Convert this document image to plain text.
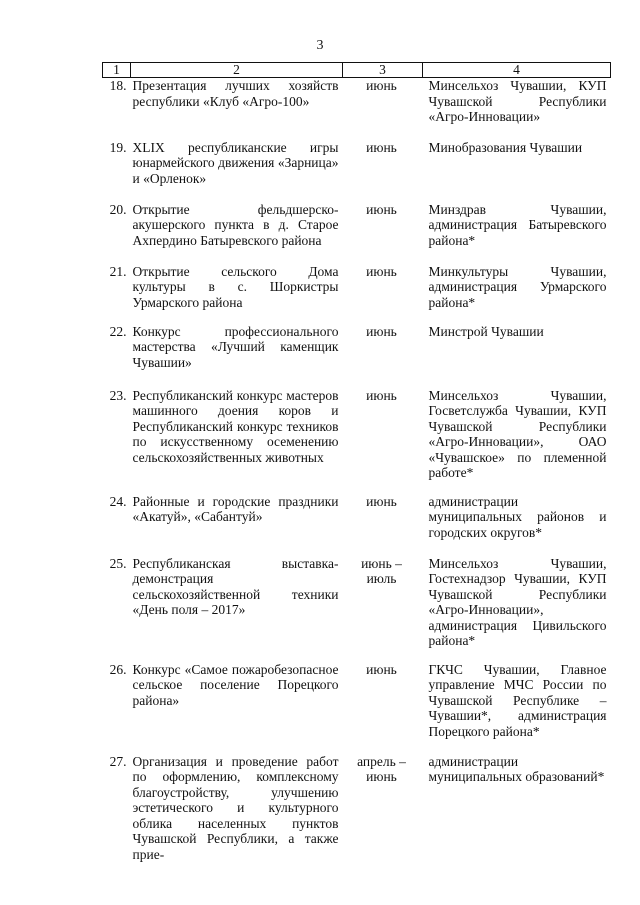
3
1	2	3	4
18.	Презентация лучших хозяйств республики «Клуб «Агро-100»	июнь	Минсельхоз Чувашии, КУП Чувашской Республики «Агро-Инновации»
19.	XLIX республиканские игры юнармейского движения «Зарница» и «Орленок»	июнь	Минобразования Чувашии
20.	Открытие фельдшерско-акушерского пункта в д. Старое Ахпердино Батыревского района	июнь	Минздрав Чувашии, администрация Батыревского района*
21.	Открытие сельского Дома культуры в с. Шоркистры Урмарского района	июнь	Минкультуры Чувашии, администрация Урмарского района*
22.	Конкурс профессионального мастерства «Лучший каменщик Чувашии»	июнь	Минстрой Чувашии
23.	Республиканский конкурс мастеров машинного доения коров и Республиканский конкурс техников по искусственному осеменению сельскохозяйственных животных	июнь	Минсельхоз Чувашии, Госветслужба Чувашии, КУП Чувашской Республики «Агро-Инновации», ОАО «Чувашское» по племенной работе*
24.	Районные и городские праздники «Акатуй», «Сабантуй»	июнь	администрации муниципальных районов и городских округов*
25.	Республиканская выставка-демонстрация сельскохозяйственной техники «День поля – 2017»	июнь – июль	Минсельхоз Чувашии, Гостехнадзор Чувашии, КУП Чувашской Республики «Агро-Инновации», администрация Цивильского района*
26.	Конкурс «Самое пожаробезопасное сельское поселение Порецкого района»	июнь	ГКЧС Чувашии, Главное управление МЧС России по Чувашской Республике – Чувашии*, администрация Порецкого района*
27.	Организация и проведение работ по оформлению, комплексному благоустройству, улучшению эстетического и культурного облика населенных пунктов Чувашской Республики, а также прие-	апрель – июнь	администрации муниципальных образований*
